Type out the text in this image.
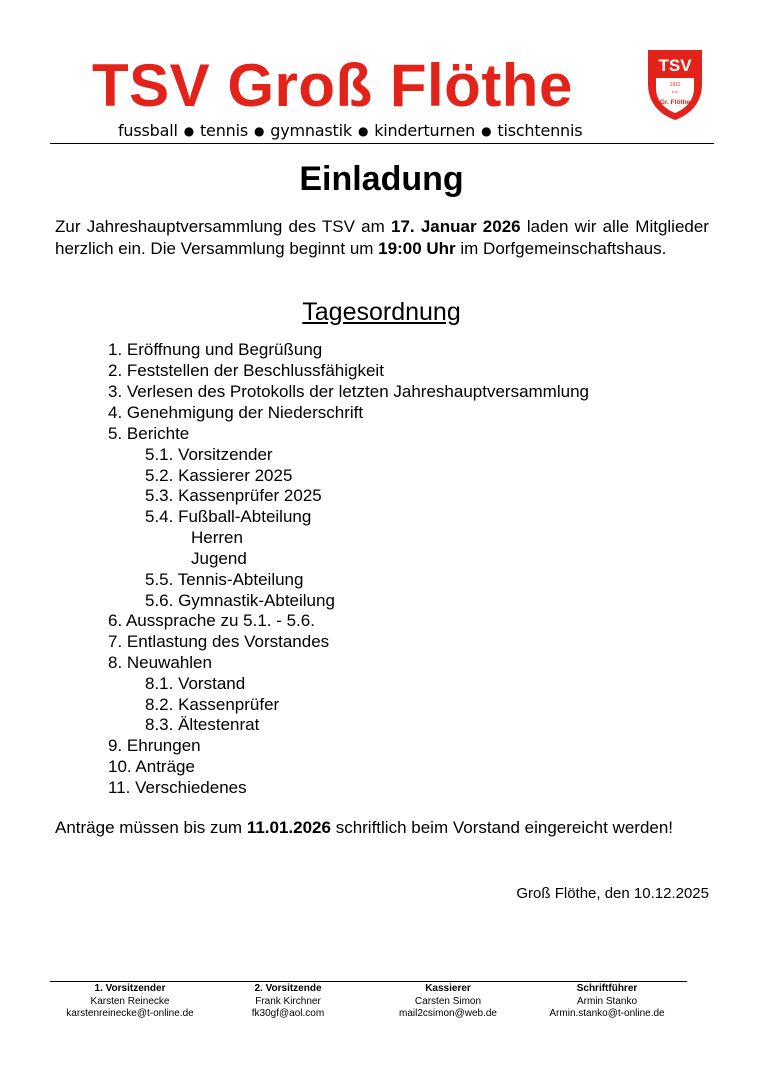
TSV Groß Flöthe
fussball ● tennis ● gymnastik ● kinderturnen ● tischtennis
TSV
1911
e.V.
Gr. Flöthe
Einladung
Zur Jahreshauptversammlung des TSV am 17. Januar 2026 laden wir alle Mitglieder herzlich ein. Die Versammlung beginnt um 19:00 Uhr im Dorfgemeinschaftshaus.
Tagesordnung
1. Eröffnung und Begrüßung
2. Feststellen der Beschlussfähigkeit
3. Verlesen des Protokolls der letzten Jahreshauptversammlung
4. Genehmigung der Niederschrift
5. Berichte
5.1. Vorsitzender
5.2. Kassierer 2025
5.3. Kassenprüfer 2025
5.4. Fußball-Abteilung
Herren
Jugend
5.5. Tennis-Abteilung
5.6. Gymnastik-Abteilung
6. Aussprache zu 5.1. - 5.6.
7. Entlastung des Vorstandes
8. Neuwahlen
8.1. Vorstand
8.2. Kassenprüfer
8.3. Ältestenrat
9. Ehrungen
10. Anträge
11. Verschiedenes
Anträge müssen bis zum 11.01.2026 schriftlich beim Vorstand eingereicht werden!
Groß Flöthe, den 10.12.2025
1. Vorsitzender
Karsten Reinecke
karstenreinecke@t-online.de
2. Vorsitzende
Frank Kirchner
fk30gf@aol.com
Kassierer
Carsten Simon
mail2csimon@web.de
Schriftführer
Armin Stanko
Armin.stanko@t-online.de
